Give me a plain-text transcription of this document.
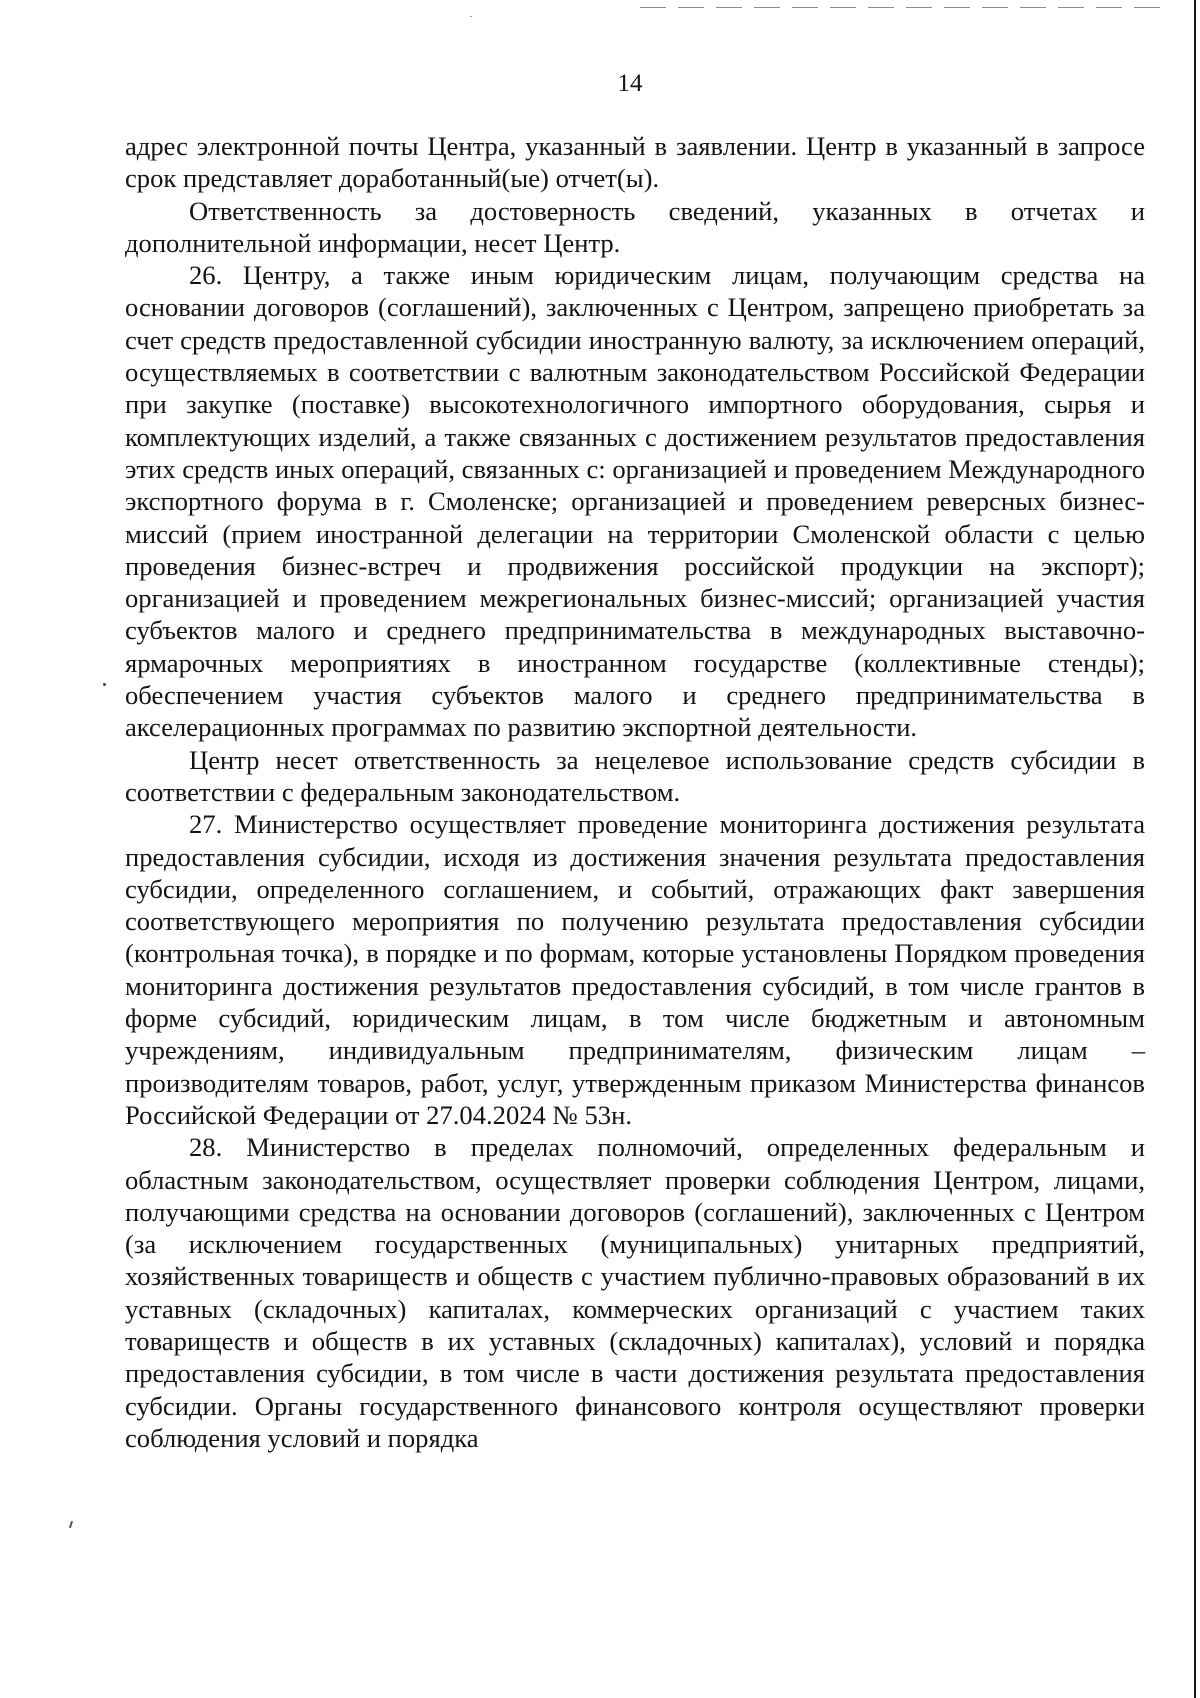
14

адрес электронной почты Центра, указанный в заявлении. Центр в указанный в запросе срок представляет доработанный(ые) отчет(ы).

Ответственность за достоверность сведений, указанных в отчетах и дополнительной информации, несет Центр.

26. Центру, а также иным юридическим лицам, получающим средства на основании договоров (соглашений), заключенных с Центром, запрещено приобретать за счет средств предоставленной субсидии иностранную валюту, за исключением операций, осуществляемых в соответствии с валютным законодательством Российской Федерации при закупке (поставке) высокотехнологичного импортного оборудования, сырья и комплектующих изделий, а также связанных с достижением результатов предоставления этих средств иных операций, связанных с: организацией и проведением Международного экспортного форума в г. Смоленске; организацией и проведением реверсных бизнес-миссий (прием иностранной делегации на территории Смоленской области с целью проведения бизнес-встреч и продвижения российской продукции на экспорт); организацией и проведением межрегиональных бизнес-миссий; организацией участия субъектов малого и среднего предпринимательства в международных выставочно-ярмарочных мероприятиях в иностранном государстве (коллективные стенды); обеспечением участия субъектов малого и среднего предпринимательства в акселерационных программах по развитию экспортной деятельности.

Центр несет ответственность за нецелевое использование средств субсидии в соответствии с федеральным законодательством.

27. Министерство осуществляет проведение мониторинга достижения результата предоставления субсидии, исходя из достижения значения результата предоставления субсидии, определенного соглашением, и событий, отражающих факт завершения соответствующего мероприятия по получению результата предоставления субсидии (контрольная точка), в порядке и по формам, которые установлены Порядком проведения мониторинга достижения результатов предоставления субсидий, в том числе грантов в форме субсидий, юридическим лицам, в том числе бюджетным и автономным учреждениям, индивидуальным предпринимателям, физическим лицам – производителям товаров, работ, услуг, утвержденным приказом Министерства финансов Российской Федерации от 27.04.2024 № 53н.

28. Министерство в пределах полномочий, определенных федеральным и областным законодательством, осуществляет проверки соблюдения Центром, лицами, получающими средства на основании договоров (соглашений), заключенных с Центром (за исключением государственных (муниципальных) унитарных предприятий, хозяйственных товариществ и обществ с участием публично-правовых образований в их уставных (складочных) капиталах, коммерческих организаций с участием таких товариществ и обществ в их уставных (складочных) капиталах), условий и порядка предоставления субсидии, в том числе в части достижения результата предоставления субсидии. Органы государственного финансового контроля осуществляют проверки соблюдения условий и порядка
